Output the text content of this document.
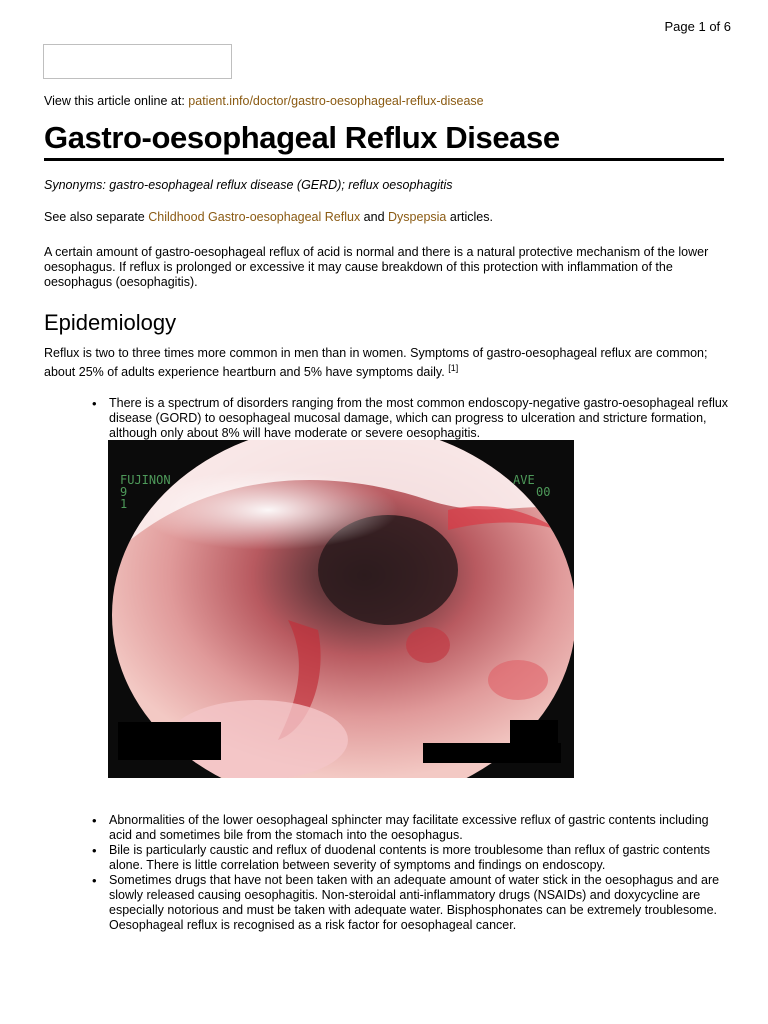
Page 1 of 6
View this article online at: patient.info/doctor/gastro-oesophageal-reflux-disease
Gastro-oesophageal Reflux Disease
Synonyms: gastro-esophageal reflux disease (GERD); reflux oesophagitis
See also separate Childhood Gastro-oesophageal Reflux and Dyspepsia articles.
A certain amount of gastro-oesophageal reflux of acid is normal and there is a natural protective mechanism of the lower oesophagus. If reflux is prolonged or excessive it may cause breakdown of this protection with inflammation of the oesophagus (oesophagitis).
Epidemiology
Reflux is two to three times more common in men than in women. Symptoms of gastro-oesophageal reflux are common; about 25% of adults experience heartburn and 5% have symptoms daily. [1]
• There is a spectrum of disorders ranging from the most common endoscopy-negative gastro-oesophageal reflux disease (GORD) to oesophageal mucosal damage, which can progress to ulceration and stricture formation, although only about 8% will have moderate or severe oesophagitis.
FUJINON
9
1
AVE
00
• Abnormalities of the lower oesophageal sphincter may facilitate excessive reflux of gastric contents including acid and sometimes bile from the stomach into the oesophagus.
• Bile is particularly caustic and reflux of duodenal contents is more troublesome than reflux of gastric contents alone. There is little correlation between severity of symptoms and findings on endoscopy.
• Sometimes drugs that have not been taken with an adequate amount of water stick in the oesophagus and are slowly released causing oesophagitis. Non-steroidal anti-inflammatory drugs (NSAIDs) and doxycycline are especially notorious and must be taken with adequate water. Bisphosphonates can be extremely troublesome. Oesophageal reflux is recognised as a risk factor for oesophageal cancer.
